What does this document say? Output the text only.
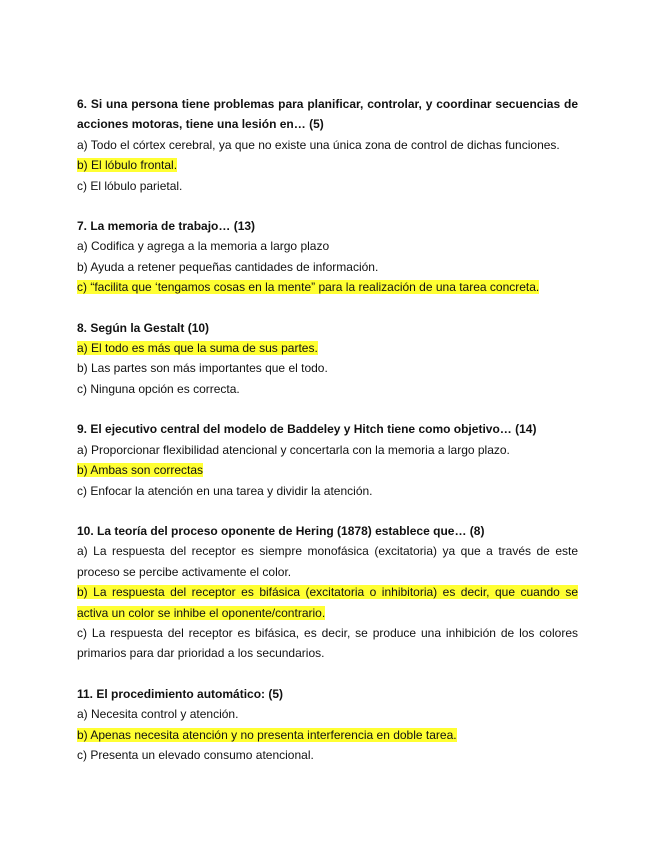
6. Si una persona tiene problemas para planificar, controlar, y coordinar secuencias de acciones motoras, tiene una lesión en… (5)
a) Todo el córtex cerebral, ya que no existe una única zona de control de dichas funciones.
b) El lóbulo frontal.
c) El lóbulo parietal.
7. La memoria de trabajo… (13)
a) Codifica y agrega a la memoria a largo plazo
b) Ayuda a retener pequeñas cantidades de información.
c) “facilita que ‘tengamos cosas en la mente” para la realización de una tarea concreta.
8. Según la Gestalt (10)
a) El todo es más que la suma de sus partes.
b) Las partes son más importantes que el todo.
c) Ninguna opción es correcta.
9. El ejecutivo central del modelo de Baddeley y Hitch tiene como objetivo… (14)
a) Proporcionar flexibilidad atencional y concertarla con la memoria a largo plazo.
b) Ambas son correctas
c) Enfocar la atención en una tarea y dividir la atención.
10. La teoría del proceso oponente de Hering (1878) establece que… (8)
a) La respuesta del receptor es siempre monofásica (excitatoria) ya que a través de este proceso se percibe activamente el color.
b) La respuesta del receptor es bifásica (excitatoria o inhibitoria) es decir, que cuando se activa un color se inhibe el oponente/contrario.
c) La respuesta del receptor es bifásica, es decir, se produce una inhibición de los colores primarios para dar prioridad a los secundarios.
11. El procedimiento automático: (5)
a) Necesita control y atención.
b) Apenas necesita atención y no presenta interferencia en doble tarea.
c) Presenta un elevado consumo atencional.
